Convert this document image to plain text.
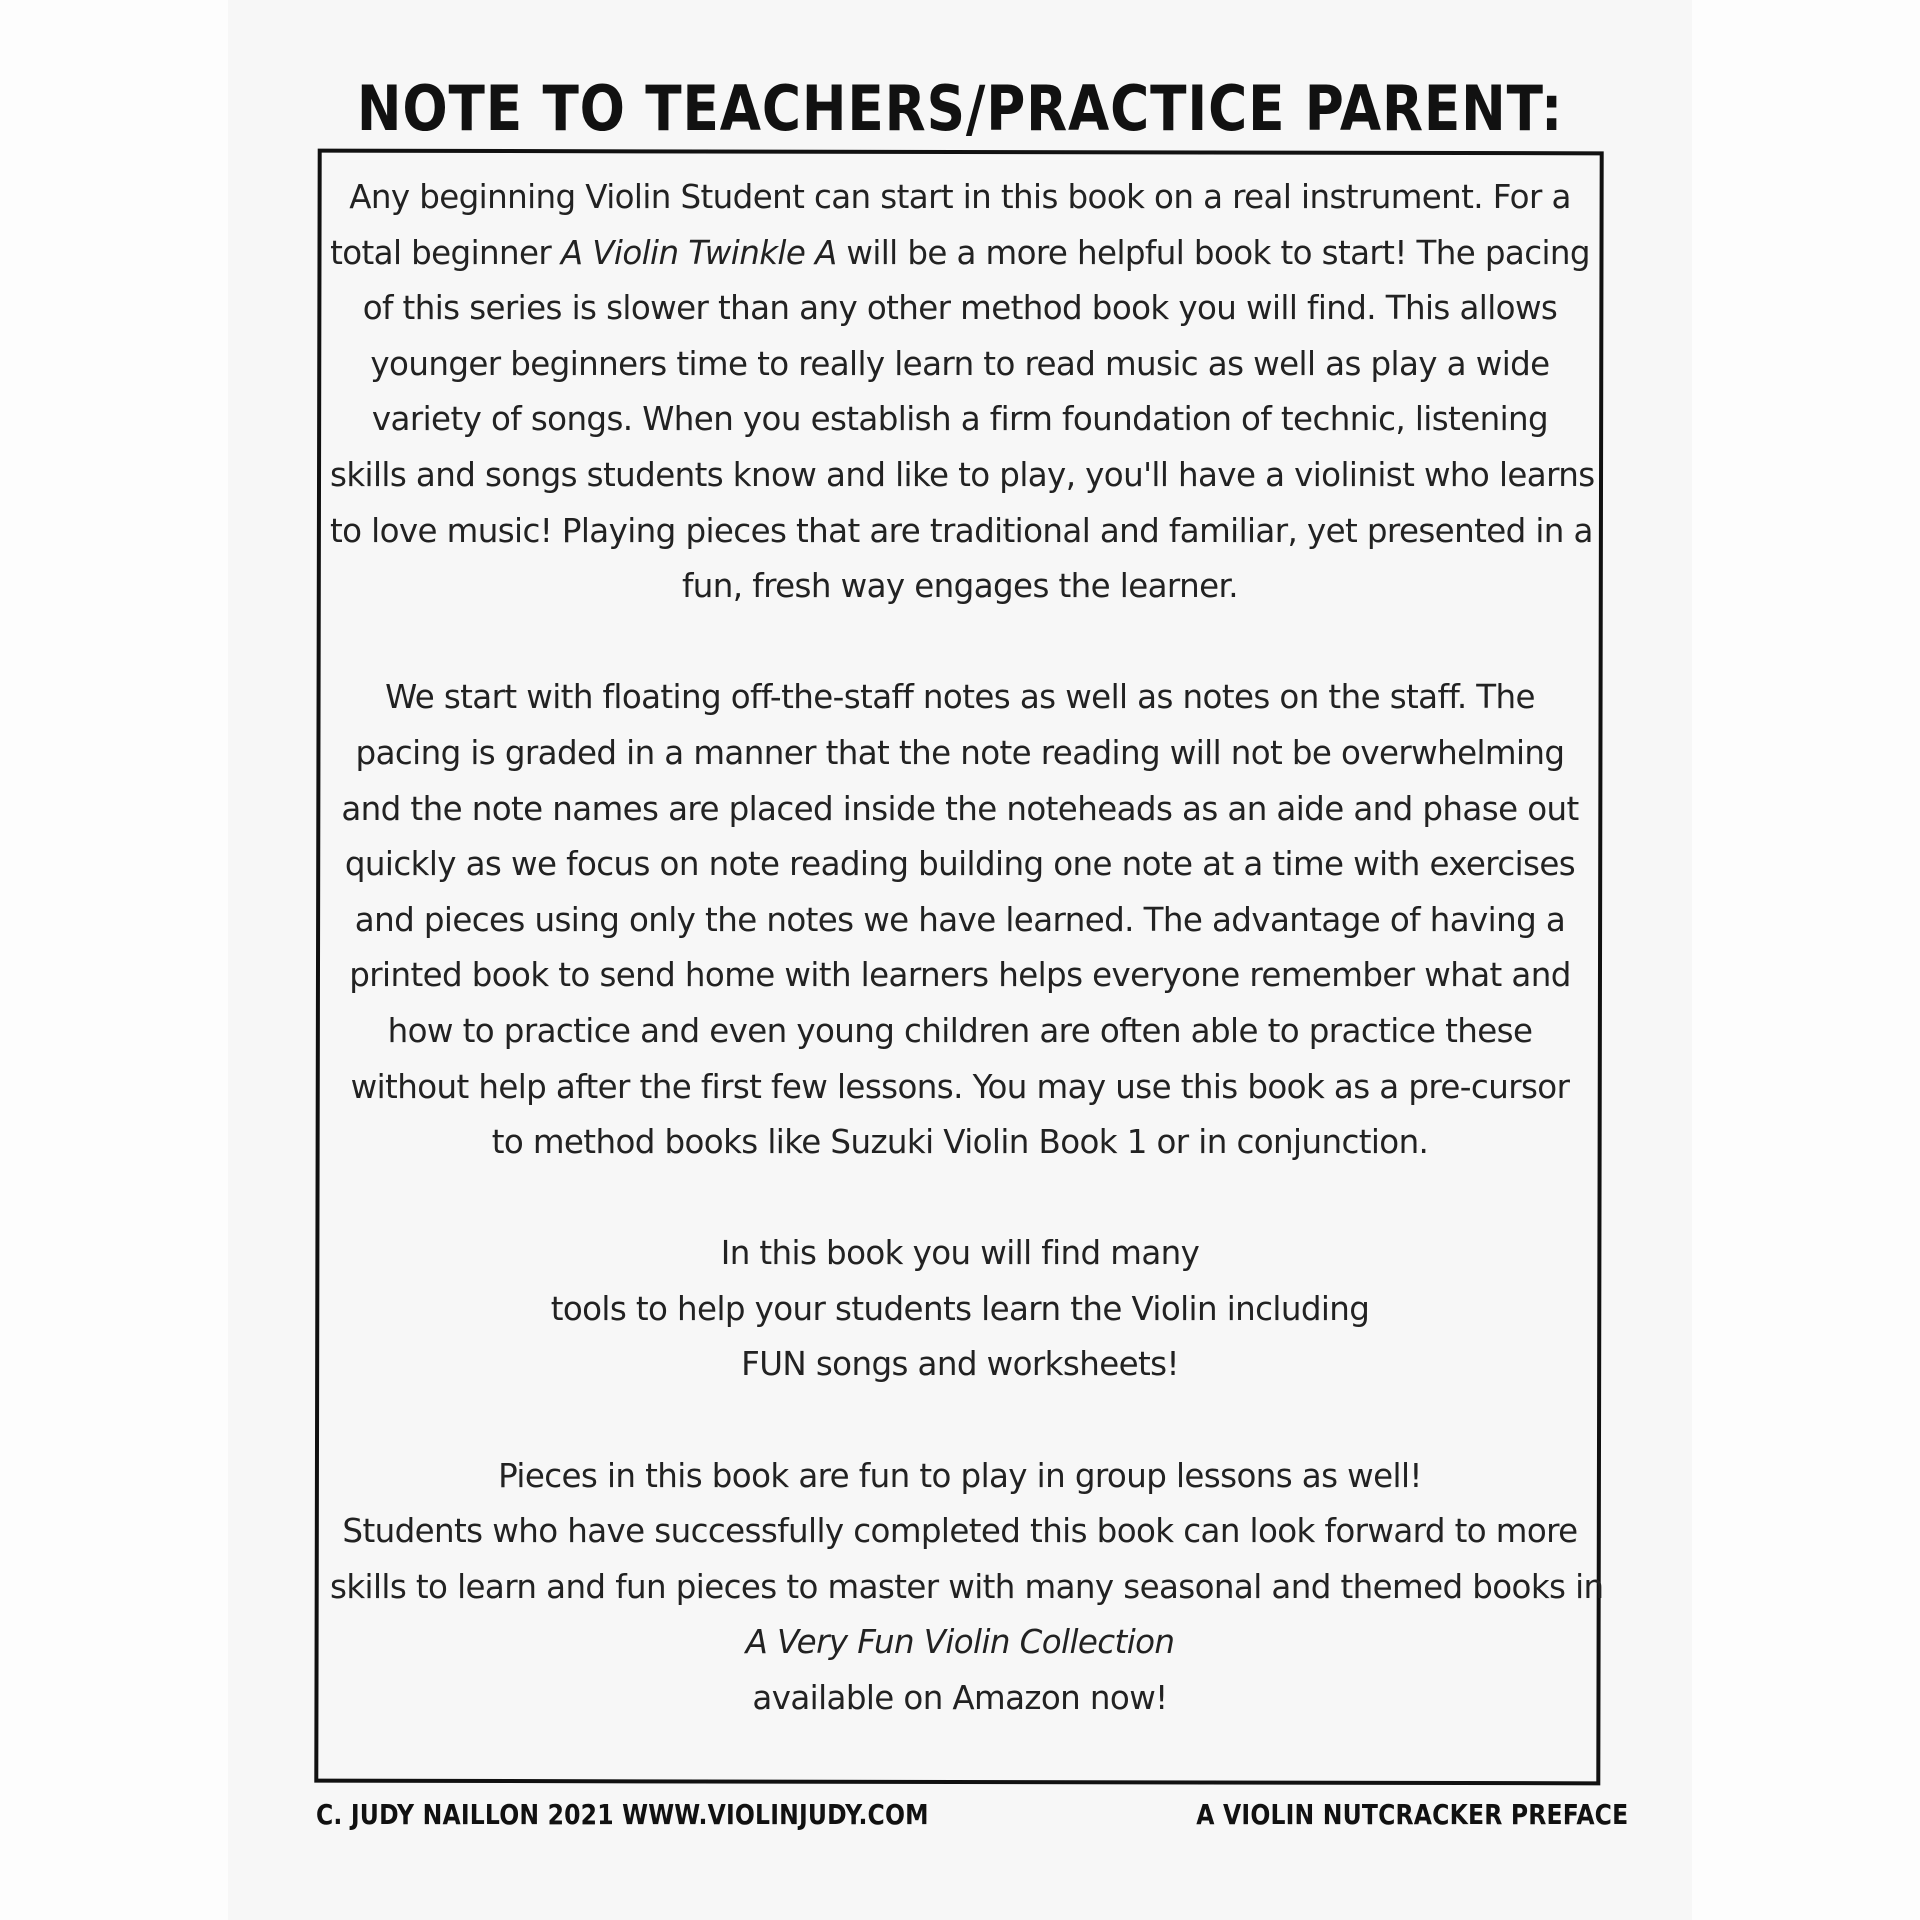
NOTE TO TEACHERS/PRACTICE PARENT:
Any beginning Violin Student can start in this book on a real instrument. For a
total beginner A Violin Twinkle A will be a more helpful book to start! The pacing
of this series is slower than any other method book you will find. This allows
younger beginners time to really learn to read music as well as play a wide
variety of songs. When you establish a firm foundation of technic, listening
skills and songs students know and like to play, you'll have a violinist who learns
to love music! Playing pieces that are traditional and familiar, yet presented in a
fun, fresh way engages the learner.
We start with floating off-the-staff notes as well as notes on the staff. The
pacing is graded in a manner that the note reading will not be overwhelming
and the note names are placed inside the noteheads as an aide and phase out
quickly as we focus on note reading building one note at a time with exercises
and pieces using only the notes we have learned. The advantage of having a
printed book to send home with learners helps everyone remember what and
how to practice and even young children are often able to practice these
without help after the first few lessons. You may use this book as a pre-cursor
to method books like Suzuki Violin Book 1 or in conjunction.
In this book you will find many
tools to help your students learn the Violin including
FUN songs and worksheets!
Pieces in this book are fun to play in group lessons as well!
Students who have successfully completed this book can look forward to more
skills to learn and fun pieces to master with many seasonal and themed books in
A Very Fun Violin Collection
available on Amazon now!
C. JUDY NAILLON 2021 WWW.VIOLINJUDY.COM	A VIOLIN NUTCRACKER PREFACE
